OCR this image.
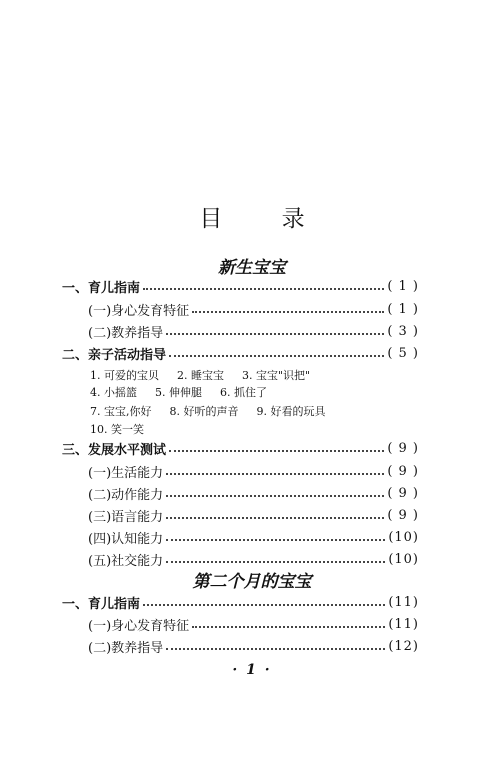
目 录
新生宝宝
一、育儿指南	( 1 )
(一)身心发育特征	( 1 )
(二)教养指导	( 3 )
二、亲子活动指导	( 5 )
1. 可爱的宝贝 2. 睡宝宝 3. 宝宝"识把"
4. 小摇篮 5. 伸伸腿 6. 抓住了
7. 宝宝,你好 8. 好听的声音 9. 好看的玩具
10. 笑一笑
三、发展水平测试	( 9 )
(一)生活能力	( 9 )
(二)动作能力	( 9 )
(三)语言能力	( 9 )
(四)认知能力	(10)
(五)社交能力	(10)
第二个月的宝宝
一、育儿指南	(11)
(一)身心发育特征	(11)
(二)教养指导	(12)
· 1 ·
